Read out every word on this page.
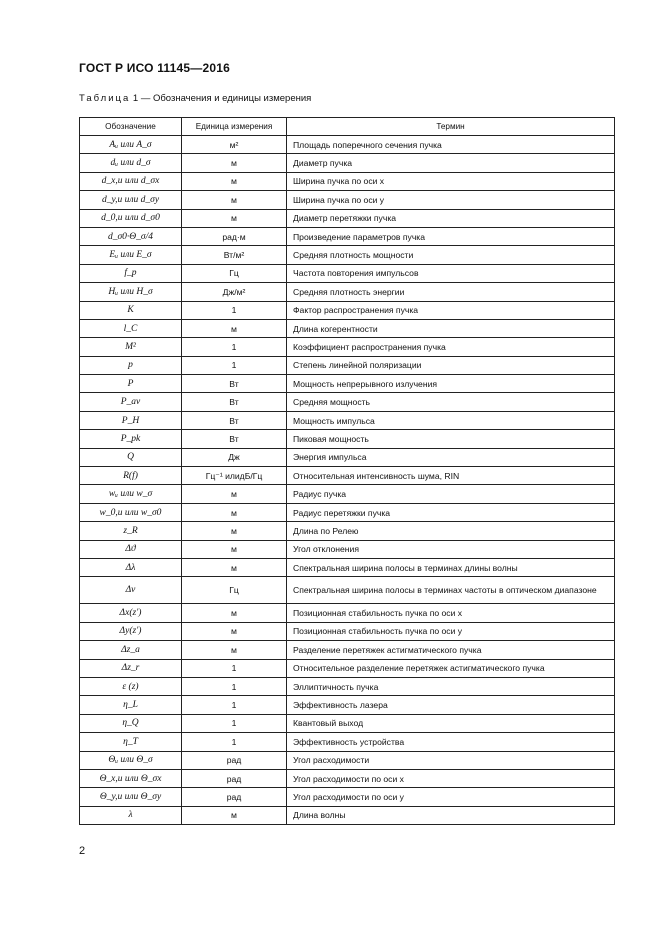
ГОСТ Р ИСО 11145—2016
Таблица 1 — Обозначения и единицы измерения
Обозначение	Единица измерения	Термин
Aᵤ или A_σ	м²	Площадь поперечного сечения пучка
dᵤ или d_σ	м	Диаметр пучка
d_x,u или d_σx	м	Ширина пучка по оси x
d_y,u или d_σy	м	Ширина пучка по оси y
d_0,u или d_σ0	м	Диаметр перетяжки пучка
d_σ0·Θ_σ/4	рад·м	Произведение параметров пучка
Eᵤ или E_σ	Вт/м²	Средняя плотность мощности
f_p	Гц	Частота повторения импульсов
Hᵤ или H_σ	Дж/м²	Средняя плотность энергии
K	1	Фактор распространения пучка
l_C	м	Длина когерентности
M²	1	Коэффициент распространения пучка
p	1	Степень линейной поляризации
P	Вт	Мощность непрерывного излучения
P_av	Вт	Средняя мощность
P_H	Вт	Мощность импульса
P_pk	Вт	Пиковая мощность
Q	Дж	Энергия импульса
R(f)	Гц⁻¹ илидБ/Гц	Относительная интенсивность шума, RIN
wᵤ или w_σ	м	Радиус пучка
w_0,u или w_σ0	м	Радиус перетяжки пучка
z_R	м	Длина по Релею
Δϑ	м	Угол отклонения
Δλ	м	Спектральная ширина полосы в терминах длины волны
Δν	Гц	Спектральная ширина полосы в терминах частоты в оптическом диапазоне
Δx(z′)	м	Позиционная стабильность пучка по оси x
Δy(z′)	м	Позиционная стабильность пучка по оси y
Δz_a	м	Разделение перетяжек астигматического пучка
Δz_r	1	Относительное разделение перетяжек астигматического пучка
ε (z)	1	Эллиптичность пучка
η_L	1	Эффективность лазера
η_Q	1	Квантовый выход
η_T	1	Эффективность устройства
Θᵤ или Θ_σ	рад	Угол расходимости
Θ_x,u или Θ_σx	рад	Угол расходимости по оси x
Θ_y,u или Θ_σy	рад	Угол расходимости по оси y
λ	м	Длина волны
2
